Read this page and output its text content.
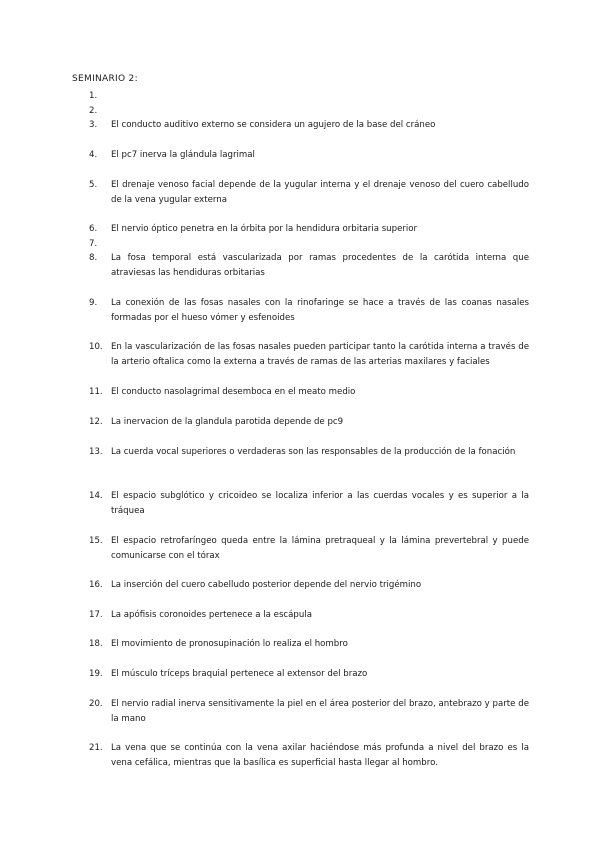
SEMINARIO 2:
1.
2.
3.	El conducto auditivo externo se considera un agujero de la base del cráneo
4.	El pc7 inerva la glándula lagrimal
5.	El drenaje venoso facial depende de la yugular interna y el drenaje venoso del cuero cabelludo de la vena yugular externa
6.	El nervio óptico penetra en la órbita por la hendidura orbitaria superior
7.
8.	La fosa temporal está vascularizada por ramas procedentes de la carótida interna que atraviesas las hendiduras orbitarias
9.	La conexión de las fosas nasales con la rinofaringe se hace a través de las coanas nasales formadas por el hueso vómer y esfenoides
10. En la vascularización de las fosas nasales pueden participar tanto la carótida interna a través de la arterio oftalica como la externa a través de ramas de las arterias maxilares y faciales
11. El conducto nasolagrimal desemboca en el meato medio
12. La inervacion de la glandula parotida depende de pc9
13. La cuerda vocal superiores o verdaderas son las responsables de la producción de la fonación
14. El espacio subglótico y cricoideo se localiza inferior a las cuerdas vocales y es superior a la tráquea
15. El espacio retrofaríngeo queda entre la lámina pretraqueal y la lámina prevertebral y puede comunicarse con el tórax
16. La inserción del cuero cabelludo posterior depende del nervio trigémino
17. La apófisis coronoides pertenece a la escápula
18. El movimiento de pronosupinación lo realiza el hombro
19. El músculo tríceps braquial pertenece al extensor del brazo
20. El nervio radial inerva sensitivamente la piel en el área posterior del brazo, antebrazo y parte de la mano
21. La vena que se continúa con la vena axilar haciéndose más profunda a nivel del brazo es la vena cefálica, mientras que la basílica es superficial hasta llegar al hombro.
